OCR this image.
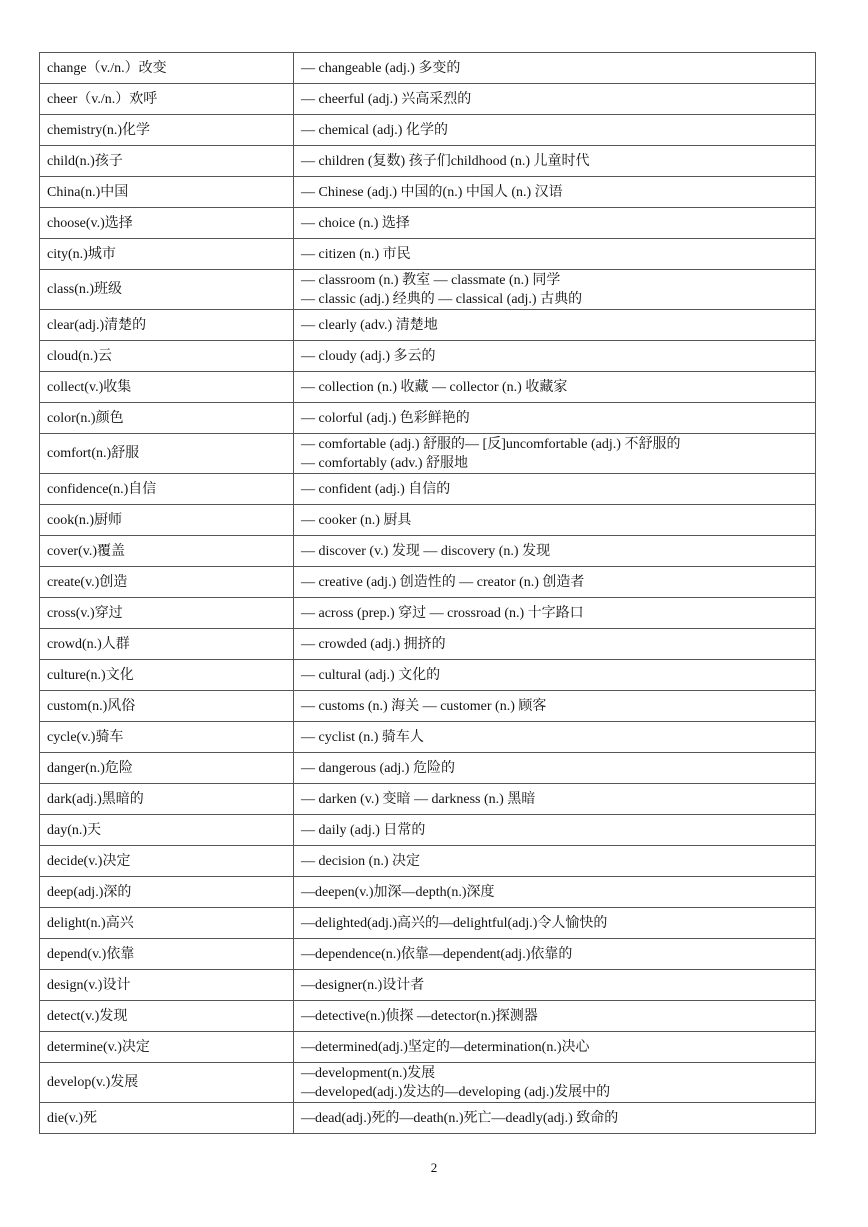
change（v./n.）改变	— changeable (adj.) 多变的

cheer（v./n.）欢呼	— cheerful (adj.) 兴高采烈的

chemistry(n.)化学	— chemical (adj.) 化学的

child(n.)孩子	— children (复数) 孩子们childhood (n.) 儿童时代

China(n.)中国	— Chinese (adj.) 中国的(n.) 中国人 (n.) 汉语

choose(v.)选择	— choice (n.) 选择

city(n.)城市	— citizen (n.) 市民

class(n.)班级	— classroom (n.) 教室 — classmate (n.) 同学
— classic (adj.) 经典的 — classical (adj.) 古典的

clear(adj.)清楚的	— clearly (adv.) 清楚地

cloud(n.)云	— cloudy (adj.) 多云的

collect(v.)收集	— collection (n.) 收藏 — collector (n.) 收藏家

color(n.)颜色	— colorful (adj.) 色彩鲜艳的

comfort(n.)舒服	— comfortable (adj.) 舒服的— [反]uncomfortable (adj.) 不舒服的
— comfortably (adv.) 舒服地

confidence(n.)自信	— confident (adj.) 自信的

cook(n.)厨师	— cooker (n.) 厨具

cover(v.)覆盖	— discover (v.) 发现 — discovery (n.) 发现

create(v.)创造	— creative (adj.) 创造性的 — creator (n.) 创造者

cross(v.)穿过	— across (prep.) 穿过 — crossroad (n.) 十字路口

crowd(n.)人群	— crowded (adj.) 拥挤的

culture(n.)文化	— cultural (adj.) 文化的

custom(n.)风俗	— customs (n.) 海关 — customer (n.) 顾客

cycle(v.)骑车	— cyclist (n.) 骑车人

danger(n.)危险	— dangerous (adj.) 危险的

dark(adj.)黑暗的	— darken (v.) 变暗 — darkness (n.) 黑暗

day(n.)天	— daily (adj.) 日常的

decide(v.)决定	— decision (n.) 决定

deep(adj.)深的	—deepen(v.)加深—depth(n.)深度

delight(n.)高兴	—delighted(adj.)高兴的—delightful(adj.)令人愉快的

depend(v.)依靠	—dependence(n.)依靠—dependent(adj.)依靠的

design(v.)设计	—designer(n.)设计者

detect(v.)发现	—detective(n.)侦探 —detector(n.)探测器

determine(v.)决定	—determined(adj.)坚定的—determination(n.)决心

develop(v.)发展	—development(n.)发展
—developed(adj.)发达的—developing (adj.)发展中的

die(v.)死	—dead(adj.)死的—death(n.)死亡—deadly(adj.) 致命的
2
